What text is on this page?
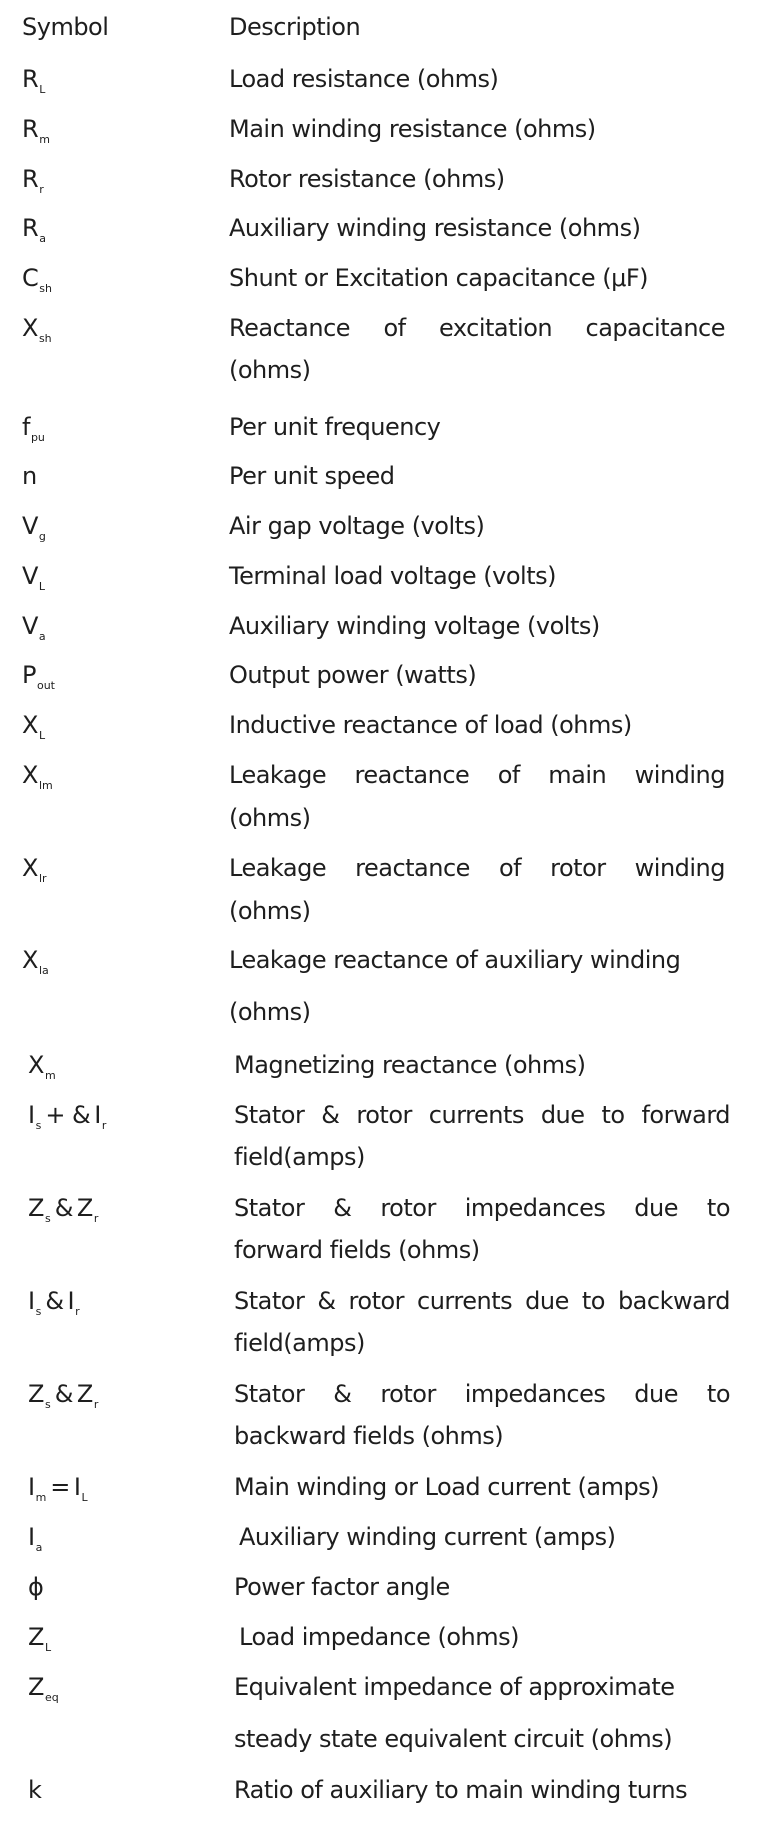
Symbol	Description
$R_L$	Load resistance (ohms)
$R_m$	Main winding resistance (ohms)
$R_r$	Rotor resistance (ohms)
$R_a$	Auxiliary winding resistance (ohms)
$C_{sh}$	Shunt or Excitation capacitance (μF)
$X_{sh}$	Reactance of excitation capacitance
(ohms)
$f_{pu}$	Per unit frequency
n	Per unit speed
$V_g$	Air gap voltage (volts)
$V_L$	Terminal load voltage (volts)
$V_a$	Auxiliary winding voltage (volts)
$P_{out}$	Output power (watts)
$X_L$	Inductive reactance of load (ohms)
$X_{lm}$	Leakage reactance of main winding
(ohms)
$X_{lr}$	Leakage reactance of rotor winding
(ohms)
$X_{la}$	Leakage reactance of auxiliary winding
(ohms)
$X_m$	Magnetizing reactance (ohms)
$I_s$ + & $I_r$	Stator & rotor currents due to forward
field(amps)
$Z_s$ & $Z_r$	Stator & rotor impedances due to
forward fields (ohms)
$I_s$ & $I_r$	Stator & rotor currents due to backward
field(amps)
$Z_s$ & $Z_r$	Stator & rotor impedances due to
backward fields (ohms)
$I_m = I_L$	Main winding or Load current (amps)
$I_a$	Auxiliary winding current (amps)
ϕ	Power factor angle
$Z_L$	Load impedance (ohms)
$Z_{eq}$	Equivalent impedance of approximate
steady state equivalent circuit (ohms)
k	Ratio of auxiliary to main winding turns
